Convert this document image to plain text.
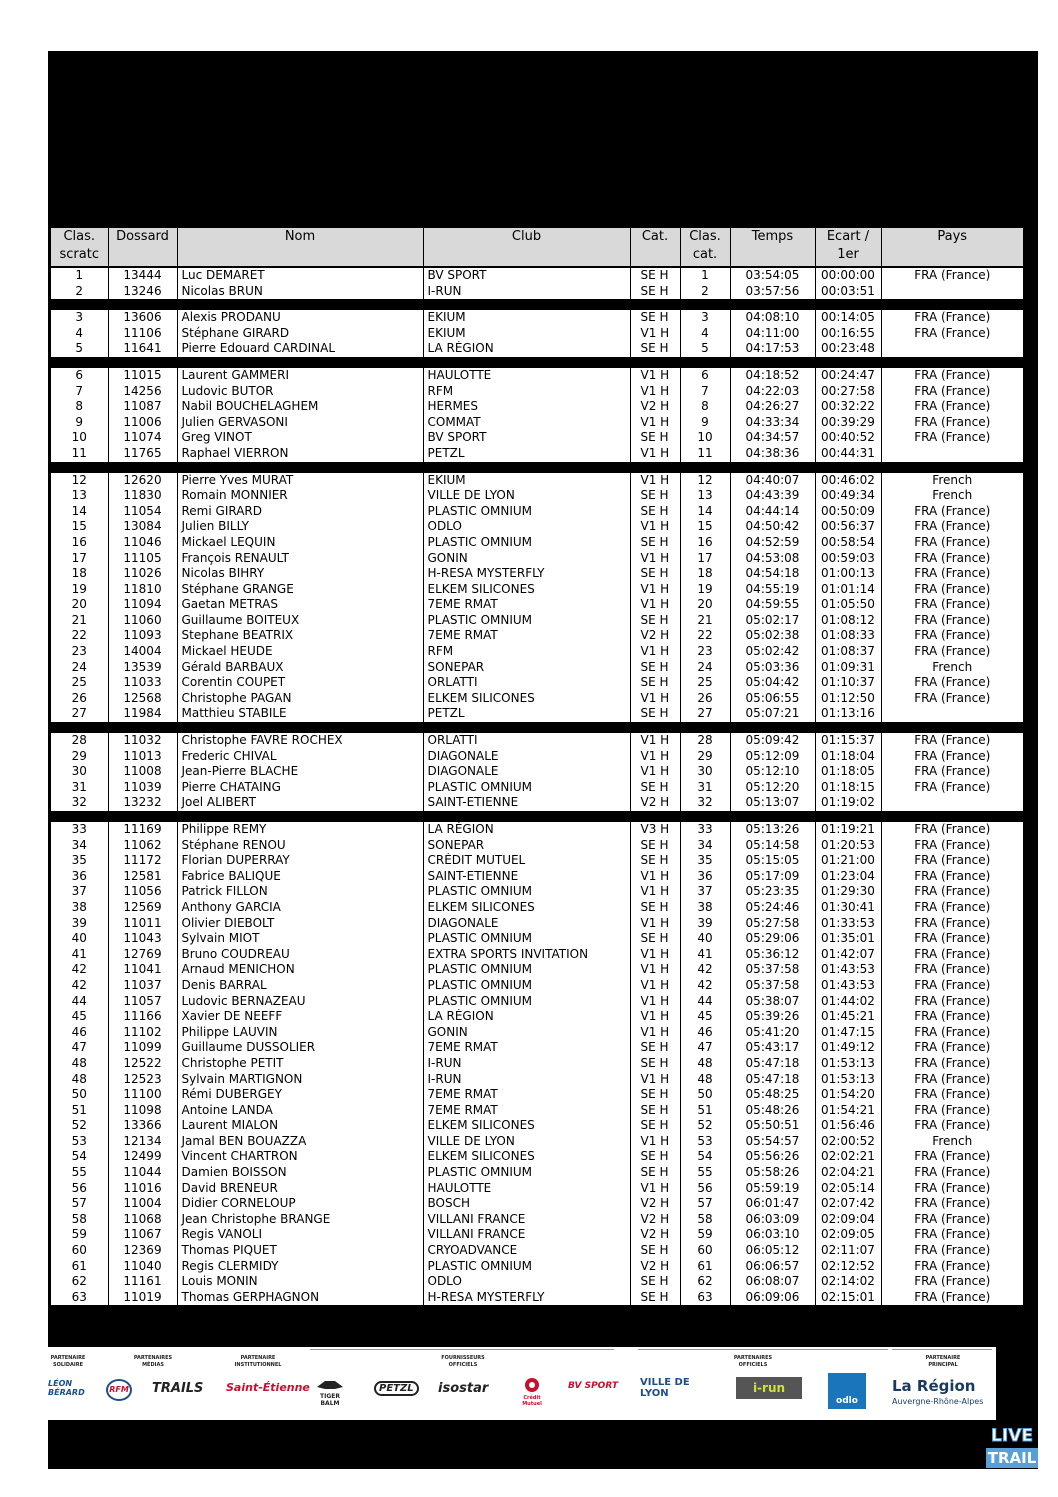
Clas. scratc	Dossard	Nom	Club	Cat.	Clas. cat.	Temps	Ecart / 1er	Pays

1	13444	Luc DEMARET	BV SPORT	SE H	1	03:54:05	00:00:00	FRA (France)
2	13246	Nicolas BRUN	I-RUN	SE H	2	03:57:56	00:03:51	

3	13606	Alexis PRODANU	EKIUM	SE H	3	04:08:10	00:14:05	FRA (France)
4	11106	Stéphane GIRARD	EKIUM	V1 H	4	04:11:00	00:16:55	FRA (France)
5	11641	Pierre Edouard CARDINAL	LA RÉGION	SE H	5	04:17:53	00:23:48	

6	11015	Laurent GAMMERI	HAULOTTE	V1 H	6	04:18:52	00:24:47	FRA (France)
7	14256	Ludovic BUTOR	RFM	V1 H	7	04:22:03	00:27:58	FRA (France)
8	11087	Nabil BOUCHELAGHEM	HERMES	V2 H	8	04:26:27	00:32:22	FRA (France)
9	11006	Julien GERVASONI	COMMAT	V1 H	9	04:33:34	00:39:29	FRA (France)
10	11074	Greg VINOT	BV SPORT	SE H	10	04:34:57	00:40:52	FRA (France)
11	11765	Raphael VIERRON	PETZL	V1 H	11	04:38:36	00:44:31	

12	12620	Pierre Yves MURAT	EKIUM	V1 H	12	04:40:07	00:46:02	French
13	11830	Romain MONNIER	VILLE DE LYON	SE H	13	04:43:39	00:49:34	French
14	11054	Remi GIRARD	PLASTIC OMNIUM	SE H	14	04:44:14	00:50:09	FRA (France)
15	13084	Julien BILLY	ODLO	V1 H	15	04:50:42	00:56:37	FRA (France)
16	11046	Mickael LEQUIN	PLASTIC OMNIUM	SE H	16	04:52:59	00:58:54	FRA (France)
17	11105	François RENAULT	GONIN	V1 H	17	04:53:08	00:59:03	FRA (France)
18	11026	Nicolas BIHRY	H-RESA MYSTERFLY	SE H	18	04:54:18	01:00:13	FRA (France)
19	11810	Stéphane GRANGE	ELKEM SILICONES	V1 H	19	04:55:19	01:01:14	FRA (France)
20	11094	Gaetan METRAS	7EME RMAT	V1 H	20	04:59:55	01:05:50	FRA (France)
21	11060	Guillaume BOITEUX	PLASTIC OMNIUM	SE H	21	05:02:17	01:08:12	FRA (France)
22	11093	Stephane BEATRIX	7EME RMAT	V2 H	22	05:02:38	01:08:33	FRA (France)
23	14004	Mickael HEUDE	RFM	V1 H	23	05:02:42	01:08:37	FRA (France)
24	13539	Gérald BARBAUX	SONEPAR	SE H	24	05:03:36	01:09:31	French
25	11033	Corentin COUPET	ORLATTI	SE H	25	05:04:42	01:10:37	FRA (France)
26	12568	Christophe PAGAN	ELKEM SILICONES	V1 H	26	05:06:55	01:12:50	FRA (France)
27	11984	Matthieu STABILE	PETZL	SE H	27	05:07:21	01:13:16	

28	11032	Christophe FAVRE ROCHEX	ORLATTI	V1 H	28	05:09:42	01:15:37	FRA (France)
29	11013	Frederic CHIVAL	DIAGONALE	V1 H	29	05:12:09	01:18:04	FRA (France)
30	11008	Jean-Pierre BLACHE	DIAGONALE	V1 H	30	05:12:10	01:18:05	FRA (France)
31	11039	Pierre CHATAING	PLASTIC OMNIUM	SE H	31	05:12:20	01:18:15	FRA (France)
32	13232	Joel ALIBERT	SAINT-ETIENNE	V2 H	32	05:13:07	01:19:02	

33	11169	Philippe REMY	LA RÉGION	V3 H	33	05:13:26	01:19:21	FRA (France)
34	11062	Stéphane RENOU	SONEPAR	SE H	34	05:14:58	01:20:53	FRA (France)
35	11172	Florian DUPERRAY	CRÉDIT MUTUEL	SE H	35	05:15:05	01:21:00	FRA (France)
36	12581	Fabrice BALIQUE	SAINT-ETIENNE	V1 H	36	05:17:09	01:23:04	FRA (France)
37	11056	Patrick FILLON	PLASTIC OMNIUM	V1 H	37	05:23:35	01:29:30	FRA (France)
38	12569	Anthony GARCIA	ELKEM SILICONES	SE H	38	05:24:46	01:30:41	FRA (France)
39	11011	Olivier DIEBOLT	DIAGONALE	V1 H	39	05:27:58	01:33:53	FRA (France)
40	11043	Sylvain MIOT	PLASTIC OMNIUM	SE H	40	05:29:06	01:35:01	FRA (France)
41	12769	Bruno COUDREAU	EXTRA SPORTS INVITATION	V1 H	41	05:36:12	01:42:07	FRA (France)
42	11041	Arnaud MENICHON	PLASTIC OMNIUM	V1 H	42	05:37:58	01:43:53	FRA (France)
42	11037	Denis BARRAL	PLASTIC OMNIUM	V1 H	42	05:37:58	01:43:53	FRA (France)
44	11057	Ludovic BERNAZEAU	PLASTIC OMNIUM	V1 H	44	05:38:07	01:44:02	FRA (France)
45	11166	Xavier DE NEEFF	LA RÉGION	V1 H	45	05:39:26	01:45:21	FRA (France)
46	11102	Philippe LAUVIN	GONIN	V1 H	46	05:41:20	01:47:15	FRA (France)
47	11099	Guillaume DUSSOLIER	7EME RMAT	SE H	47	05:43:17	01:49:12	FRA (France)
48	12522	Christophe PETIT	I-RUN	SE H	48	05:47:18	01:53:13	FRA (France)
48	12523	Sylvain MARTIGNON	I-RUN	V1 H	48	05:47:18	01:53:13	FRA (France)
50	11100	Rémi DUBERGEY	7EME RMAT	SE H	50	05:48:25	01:54:20	FRA (France)
51	11098	Antoine LANDA	7EME RMAT	SE H	51	05:48:26	01:54:21	FRA (France)
52	13366	Laurent MIALON	ELKEM SILICONES	SE H	52	05:50:51	01:56:46	FRA (France)
53	12134	Jamal BEN BOUAZZA	VILLE DE LYON	V1 H	53	05:54:57	02:00:52	French
54	12499	Vincent CHARTRON	ELKEM SILICONES	SE H	54	05:56:26	02:02:21	FRA (France)
55	11044	Damien BOISSON	PLASTIC OMNIUM	SE H	55	05:58:26	02:04:21	FRA (France)
56	11016	David BRENEUR	HAULOTTE	V1 H	56	05:59:19	02:05:14	FRA (France)
57	11004	Didier CORNELOUP	BOSCH	V2 H	57	06:01:47	02:07:42	FRA (France)
58	11068	Jean Christophe BRANGE	VILLANI FRANCE	V2 H	58	06:03:09	02:09:04	FRA (France)
59	11067	Regis VANOLI	VILLANI FRANCE	V2 H	59	06:03:10	02:09:05	FRA (France)
60	12369	Thomas PIQUET	CRYOADVANCE	SE H	60	06:05:12	02:11:07	FRA (France)
61	11040	Regis CLERMIDY	PLASTIC OMNIUM	V2 H	61	06:06:57	02:12:52	FRA (France)
62	11161	Louis MONIN	ODLO	SE H	62	06:08:07	02:14:02	FRA (France)
63	11019	Thomas GERPHAGNON	H-RESA MYSTERFLY	SE H	63	06:09:06	02:15:01	FRA (France)
PARTENAIRE SOLIDAIRE
PARTENAIRES MÉDIAS
PARTENAIRE INSTITUTIONNEL
FOURNISSEURS OFFICIELS
PARTENAIRES OFFICIELS
PARTENAIRE PRINCIPAL
LÉON BÉRARD	RFM TRAILS Saint-Étienne
TIGER BALM
PETZL	isostar
Crédit Mutuel
BV SPORT VILLE DE LYON	i-run
odlo
La Région
Auvergne-Rhône-Alpes
LIVE
TRAIL
